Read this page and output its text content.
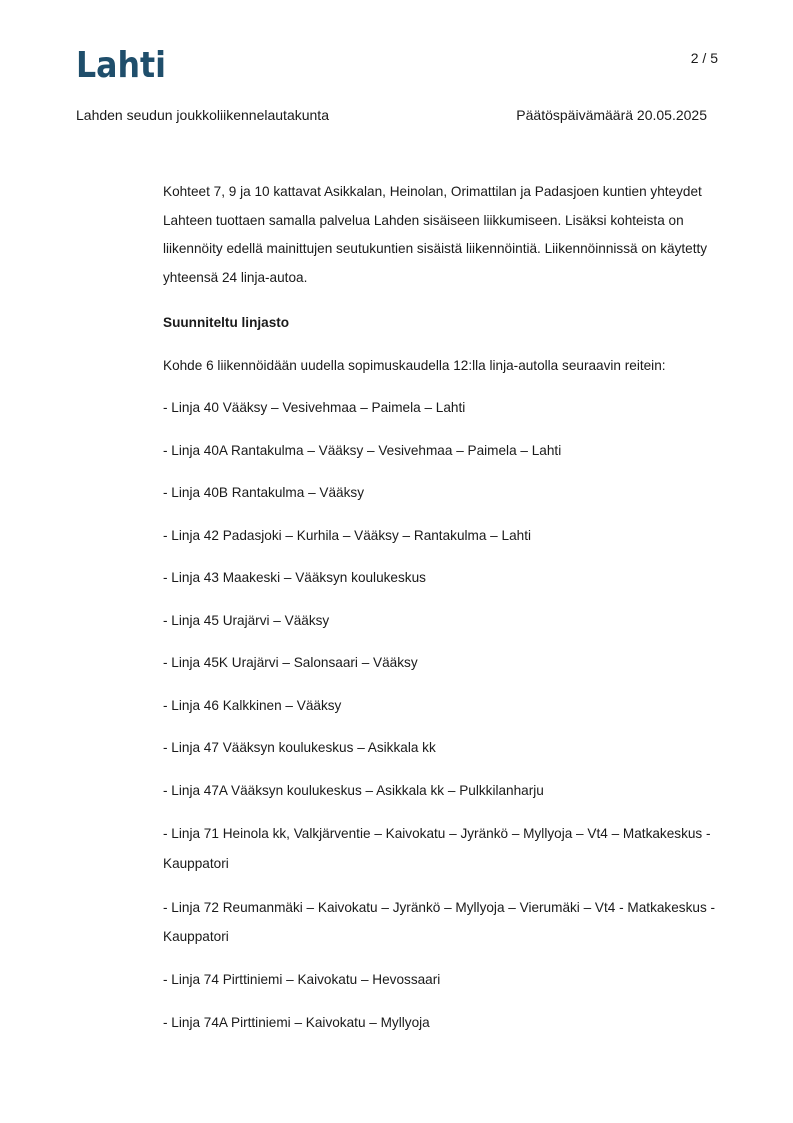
Lahti	2 / 5
Lahden seudun joukkoliikennelautakunta	Päätöspäivämäärä 20.05.2025

Kohteet 7, 9 ja 10 kattavat Asikkalan, Heinolan, Orimattilan ja Padasjoen kuntien yhteydet Lahteen tuottaen samalla palvelua Lahden sisäiseen liikkumiseen. Lisäksi kohteista on liikennöity edellä mainittujen seutukuntien sisäistä liikennöintiä. Liikennöinnissä on käytetty yhteensä 24 linja-autoa.

Suunniteltu linjasto

Kohde 6 liikennöidään uudella sopimuskaudella 12:lla linja-autolla seuraavin reitein:

- Linja 40 Vääksy – Vesivehmaa – Paimela – Lahti

- Linja 40A Rantakulma – Vääksy – Vesivehmaa – Paimela – Lahti

- Linja 40B Rantakulma – Vääksy

- Linja 42 Padasjoki – Kurhila – Vääksy – Rantakulma – Lahti

- Linja 43 Maakeski – Vääksyn koulukeskus

- Linja 45 Urajärvi – Vääksy

- Linja 45K Urajärvi – Salonsaari – Vääksy

- Linja 46 Kalkkinen – Vääksy

- Linja 47 Vääksyn koulukeskus – Asikkala kk

- Linja 47A Vääksyn koulukeskus – Asikkala kk – Pulkkilanharju

- Linja 71 Heinola kk, Valkjärventie – Kaivokatu – Jyränkö – Myllyoja – Vt4 – Matkakeskus - Kauppatori

- Linja 72 Reumanmäki – Kaivokatu – Jyränkö – Myllyoja – Vierumäki – Vt4 - Matkakeskus - Kauppatori

- Linja 74 Pirttiniemi – Kaivokatu – Hevossaari

- Linja 74A Pirttiniemi – Kaivokatu – Myllyoja
